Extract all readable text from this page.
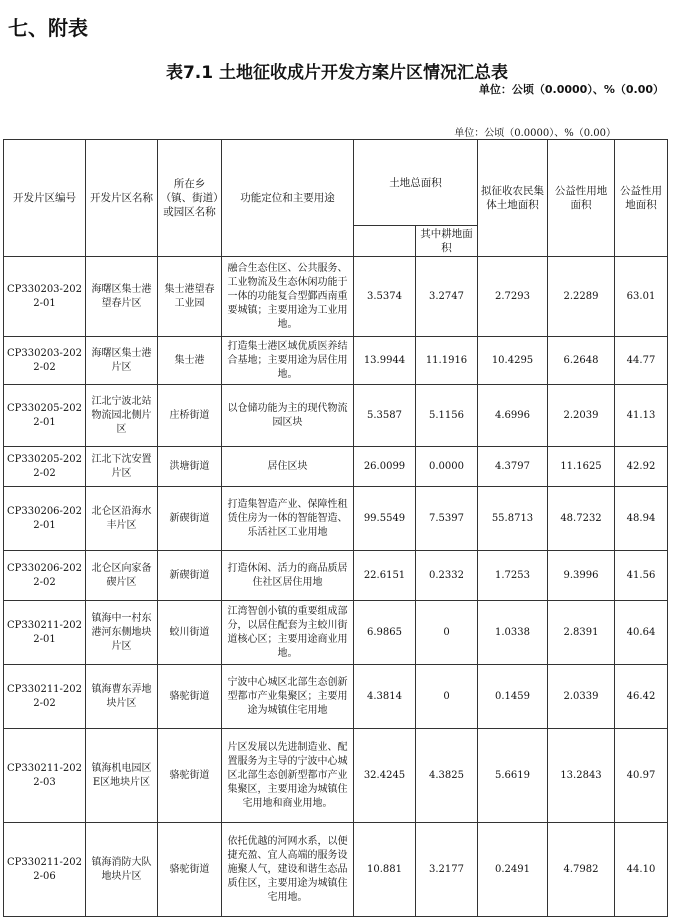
七、附表
表7.1 土地征收成片开发方案片区情况汇总表
单位：公顷（0.0000）、%（0.00）
单位：公顷（0.0000）、%（0.00）
开发片区编号	开发片区名称	所在乡（镇、街道）或园区名称	功能定位和主要用途	土地总面积		拟征收农民集体土地面积	公益性用地面积	公益性用地面积
					其中耕地面积			
CP330203-2022-01	海曙区集士港望春片区	集士港望春工业园	融合生态住区、公共服务、工业物流及生态休闲功能于一体的功能复合型鄞西南重要城镇；主要用途为工业用地。	3.5374	3.2747	2.7293	2.2289	63.01
CP330203-2022-02	海曙区集士港片区	集士港	打造集士港区域优质医养结合基地；主要用途为居住用地。	13.9944	11.1916	10.4295	6.2648	44.77
CP330205-2022-01	江北宁波北站物流园北侧片区	庄桥街道	以仓储功能为主的现代物流园区块	5.3587	5.1156	4.6996	2.2039	41.13
CP330205-2022-02	江北下沈安置片区	洪塘街道	居住区块	26.0099	0.0000	4.3797	11.1625	42.92
CP330206-2022-01	北仑区沿海水丰片区	新碶街道	打造集智造产业、保障性租赁住房为一体的智能智造、乐活社区工业用地	99.5549	7.5397	55.8713	48.7232	48.94
CP330206-2022-02	北仑区向家备碶片区	新碶街道	打造休闲、活力的商品质居住社区居住用地	22.6151	0.2332	1.7253	9.3996	41.56
CP330211-2022-01	镇海中一村东港河东侧地块片区	蛟川街道	江湾智创小镇的重要组成部分，以居住配套为主蛟川街道核心区；主要用途商业用地。	6.9865	0	1.0338	2.8391	40.64
CP330211-2022-02	镇海曹东弄地块片区	骆驼街道	宁波中心城区北部生态创新型都市产业集聚区；主要用途为城镇住宅用地	4.3814	0	0.1459	2.0339	46.42
CP330211-2022-03	镇海机电园区E区地块片区	骆驼街道	片区发展以先进制造业、配置服务为主导的宁波中心城区北部生态创新型都市产业集聚区，主要用途为城镇住宅用地和商业用地。	32.4245	4.3825	5.6619	13.2843	40.97
CP330211-2022-06	镇海消防大队地块片区	骆驼街道	依托优越的河网水系，以便捷充盈、宜人高端的服务设施聚人气，建设和谐生态品质住区，主要用途为城镇住宅用地。	10.881	3.2177	0.2491	4.7982	44.10
